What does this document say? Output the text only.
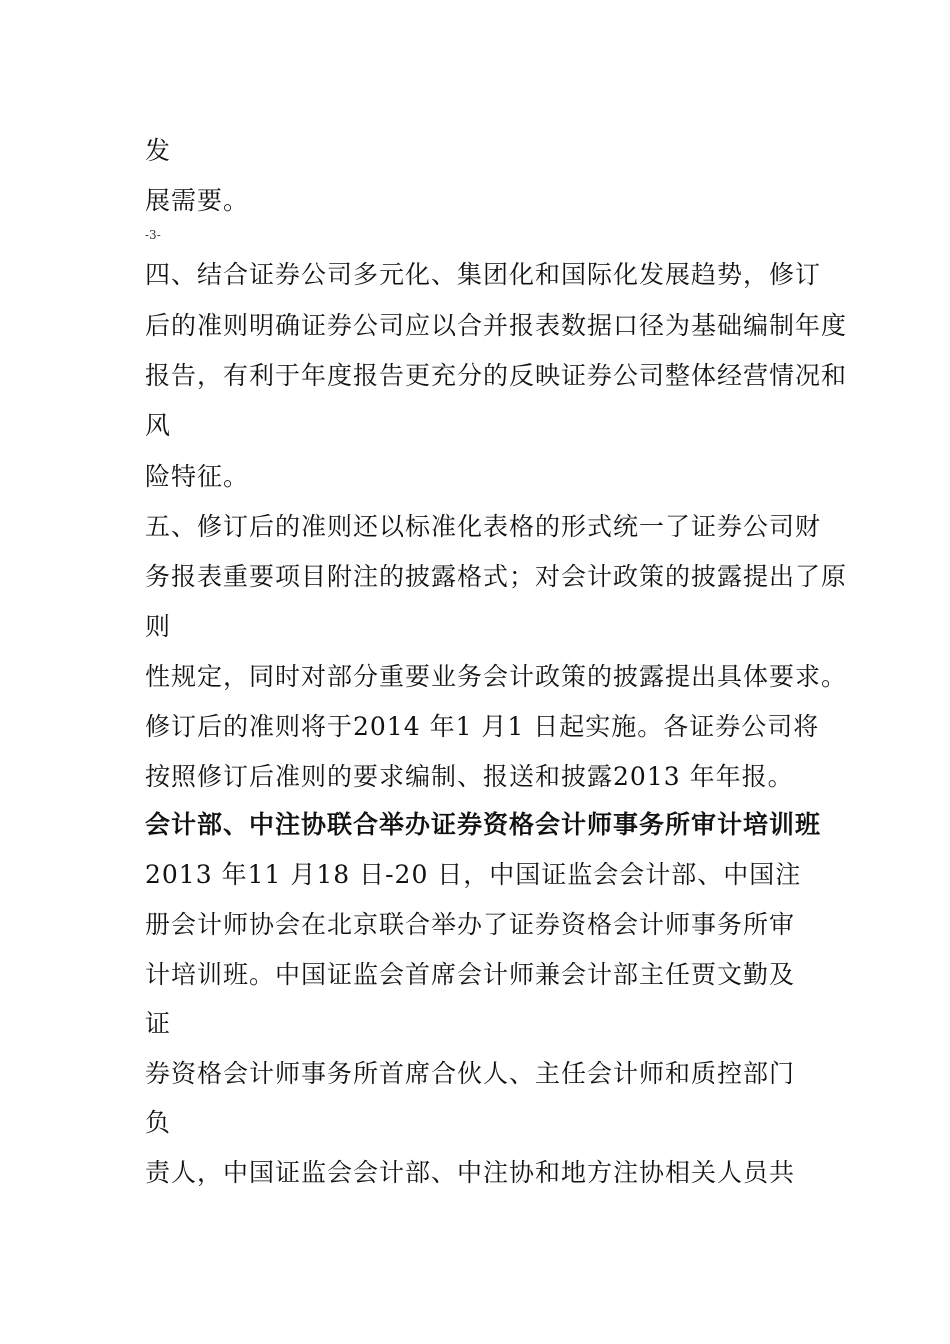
发
展需要。
-3-
四、结合证券公司多元化、集团化和国际化发展趋势，修订
后的准则明确证券公司应以合并报表数据口径为基础编制年度
报告，有利于年度报告更充分的反映证券公司整体经营情况和
风
险特征。
五、修订后的准则还以标准化表格的形式统一了证券公司财
务报表重要项目附注的披露格式；对会计政策的披露提出了原
则
性规定，同时对部分重要业务会计政策的披露提出具体要求。
修订后的准则将于2014 年1 月1 日起实施。各证券公司将
按照修订后准则的要求编制、报送和披露2013 年年报。
会计部、中注协联合举办证券资格会计师事务所审计培训班
2013 年11 月18 日-20 日，中国证监会会计部、中国注
册会计师协会在北京联合举办了证券资格会计师事务所审
计培训班。中国证监会首席会计师兼会计部主任贾文勤及
证
券资格会计师事务所首席合伙人、主任会计师和质控部门
负
责人，中国证监会会计部、中注协和地方注协相关人员共
